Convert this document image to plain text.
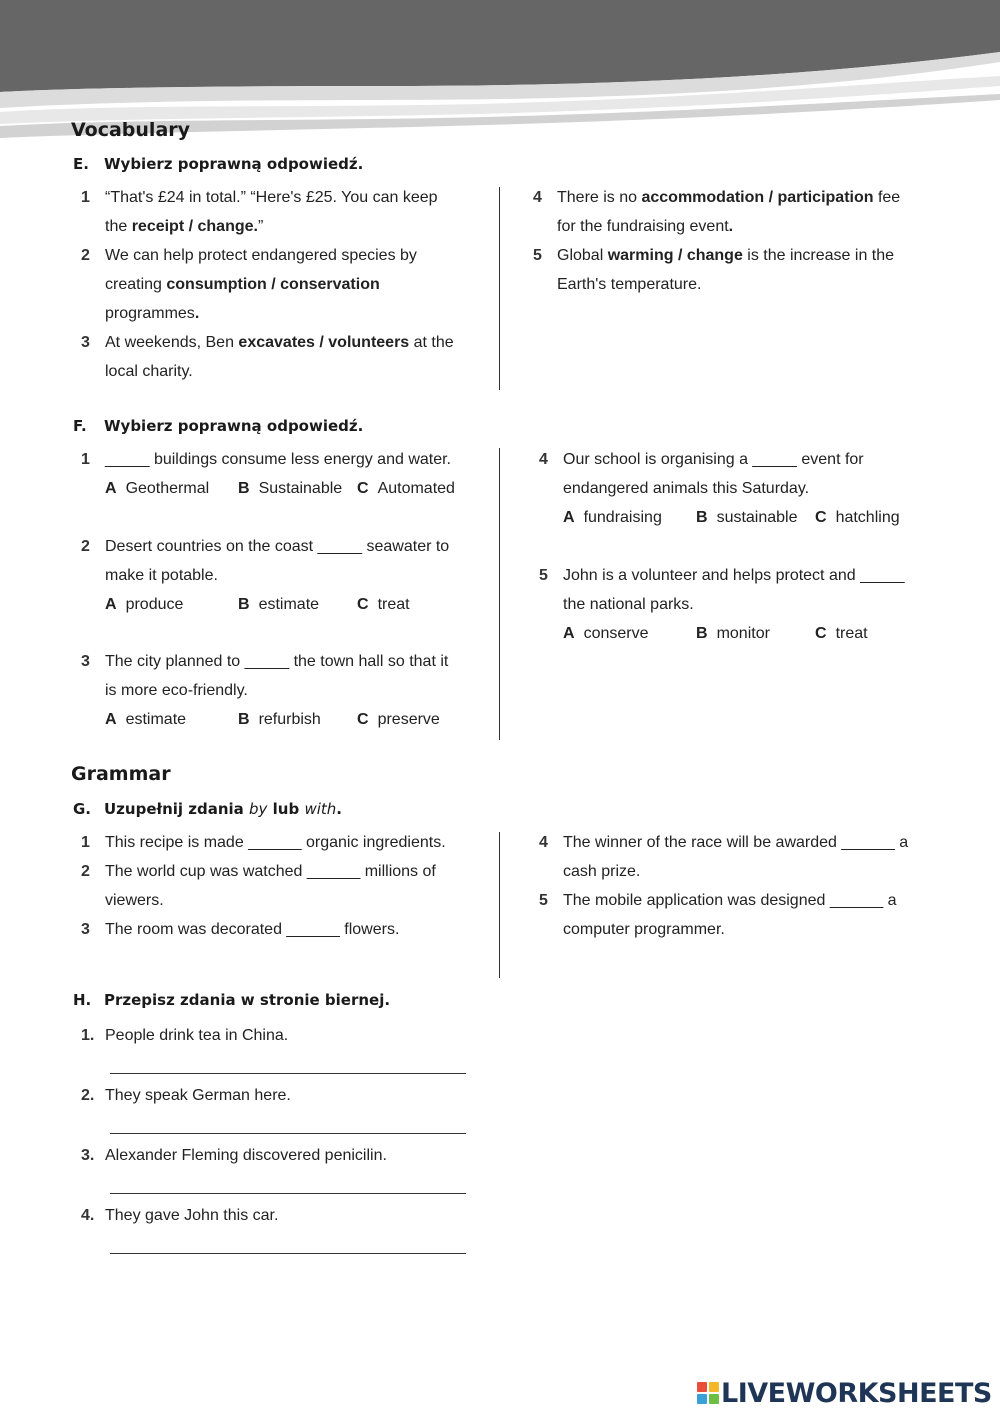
Vocabulary
E. Wybierz poprawną odpowiedź.
1 “That's £24 in total.” “Here's £25. You can keep
the receipt / change.”
2 We can help protect endangered species by
creating consumption / conservation
programmes.
3 At weekends, Ben excavates / volunteers at the
local charity.
4 There is no accommodation / participation fee
for the fundraising event.
5 Global warming / change is the increase in the
Earth's temperature.
F. Wybierz poprawną odpowiedź.
1 _____ buildings consume less energy and water.
A Geothermal B Sustainable C Automated
2 Desert countries on the coast _____ seawater to
make it potable.
A produce	B estimate C treat
3 The city planned to _____ the town hall so that it
is more eco-friendly.
A estimate	B refurbish C preserve
4 Our school is organising a _____ event for
endangered animals this Saturday.
A fundraising B sustainable C hatchling
5 John is a volunteer and helps protect and _____
the national parks.
A conserve	B monitor	C treat
Grammar
G. Uzupełnij zdania by lub with.
1 This recipe is made ______ organic ingredients.
2 The world cup was watched ______ millions of
viewers.
3 The room was decorated ______ flowers.
4 The winner of the race will be awarded ______ a
cash prize.
5 The mobile application was designed ______ a
computer programmer.
H. Przepisz zdania w stronie biernej.
1. People drink tea in China.
2. They speak German here.
3. Alexander Fleming discovered penicilin.
4. They gave John this car.
LIVEWORKSHEETS
